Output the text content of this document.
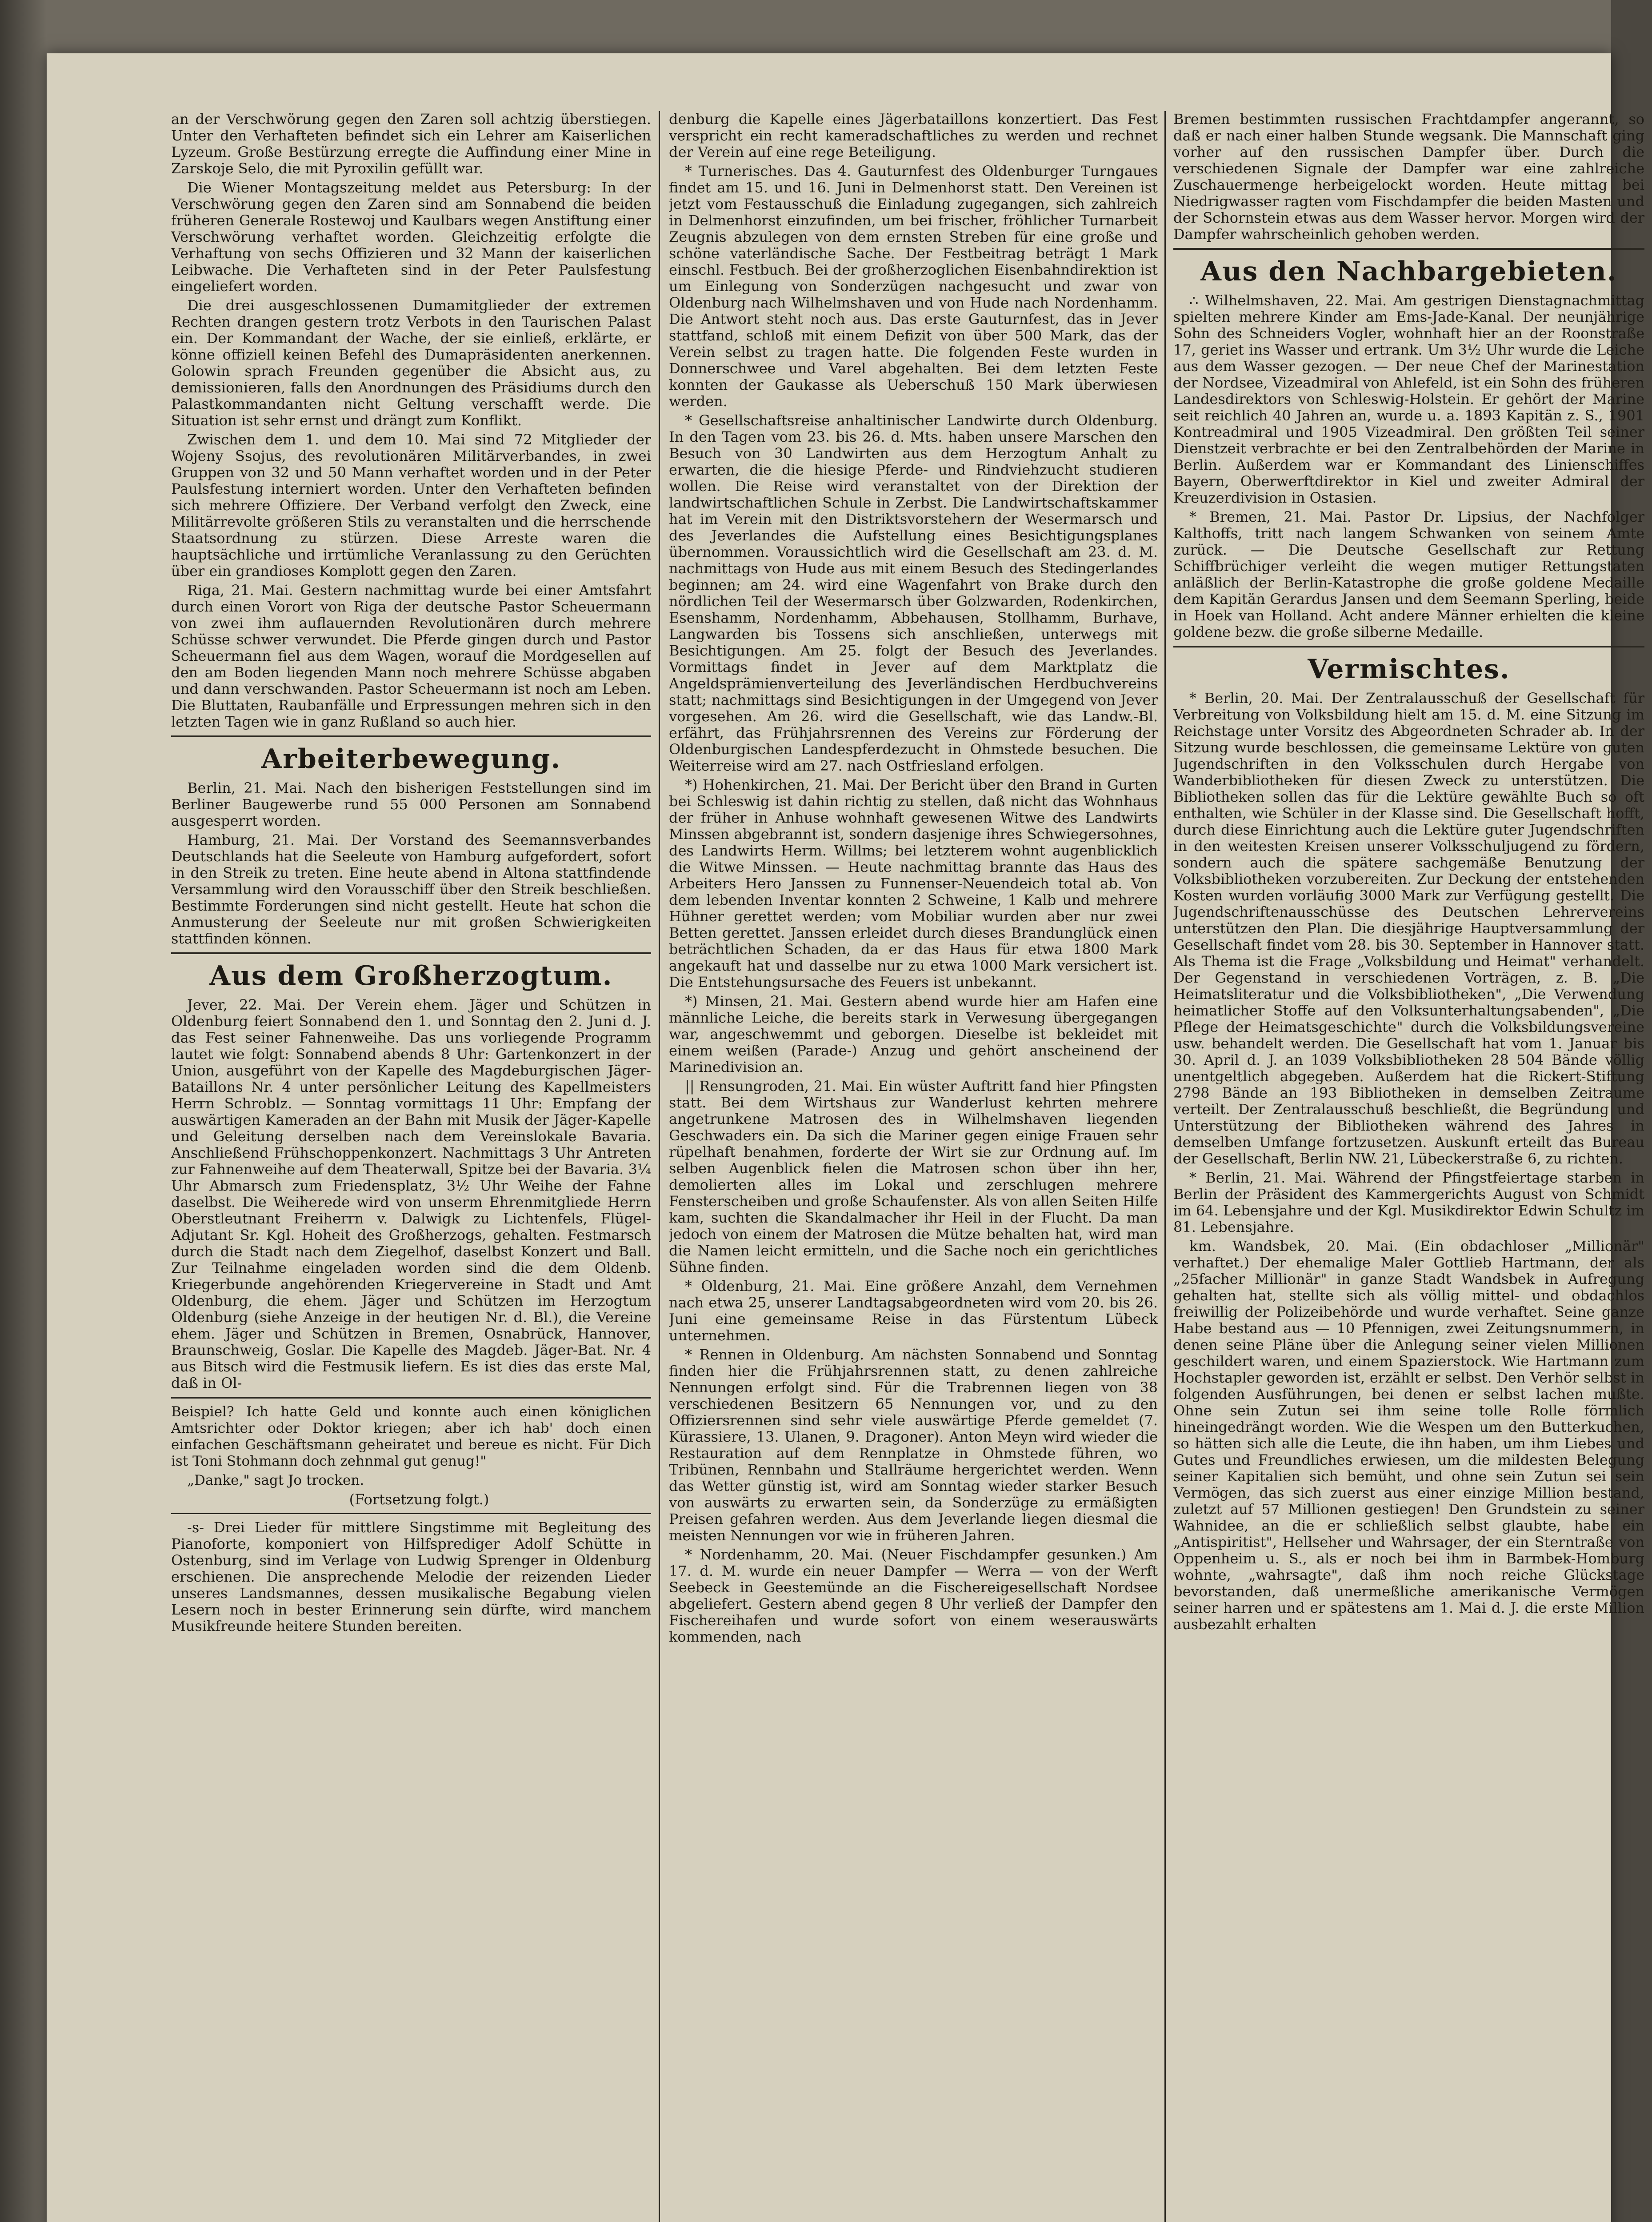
an der Verschwörung gegen den Zaren soll achtzig überstiegen. Unter den Verhafteten befindet sich ein Lehrer am Kaiserlichen Lyzeum. Große Bestürzung erregte die Auffindung einer Mine in Zarskoje Selo, die mit Pyroxilin gefüllt war.

Die Wiener Montagszeitung meldet aus Petersburg: In der Verschwörung gegen den Zaren sind am Sonnabend die beiden früheren Generale Rostewoj und Kaulbars wegen Anstiftung einer Verschwörung verhaftet worden. Gleichzeitig erfolgte die Verhaftung von sechs Offizieren und 32 Mann der kaiserlichen Leibwache. Die Verhafteten sind in der Peter Paulsfestung eingeliefert worden.

Die drei ausgeschlossenen Dumamitglieder der extremen Rechten drangen gestern trotz Verbots in den Taurischen Palast ein. Der Kommandant der Wache, der sie einließ, erklärte, er könne offiziell keinen Befehl des Dumapräsidenten anerkennen. Golowin sprach Freunden gegenüber die Absicht aus, zu demissionieren, falls den Anordnungen des Präsidiums durch den Palastkommandanten nicht Geltung verschafft werde. Die Situation ist sehr ernst und drängt zum Konflikt.

Zwischen dem 1. und dem 10. Mai sind 72 Mitglieder der Wojeny Ssojus, des revolutionären Militärverbandes, in zwei Gruppen von 32 und 50 Mann verhaftet worden und in der Peter Paulsfestung interniert worden. Unter den Verhafteten befinden sich mehrere Offiziere. Der Verband verfolgt den Zweck, eine Militärrevolte größeren Stils zu veranstalten und die herrschende Staatsordnung zu stürzen. Diese Arreste waren die hauptsächliche und irrtümliche Veranlassung zu den Gerüchten über ein grandioses Komplott gegen den Zaren.

Riga, 21. Mai. Gestern nachmittag wurde bei einer Amtsfahrt durch einen Vorort von Riga der deutsche Pastor Scheuermann von zwei ihm auflauernden Revolutionären durch mehrere Schüsse schwer verwundet. Die Pferde gingen durch und Pastor Scheuermann fiel aus dem Wagen, worauf die Mordgesellen auf den am Boden liegenden Mann noch mehrere Schüsse abgaben und dann verschwanden. Pastor Scheuermann ist noch am Leben. Die Bluttaten, Raubanfälle und Erpressungen mehren sich in den letzten Tagen wie in ganz Rußland so auch hier.

Arbeiterbewegung.

Berlin, 21. Mai. Nach den bisherigen Feststellungen sind im Berliner Baugewerbe rund 55 000 Personen am Sonnabend ausgesperrt worden.

Hamburg, 21. Mai. Der Vorstand des Seemannsverbandes Deutschlands hat die Seeleute von Hamburg aufgefordert, sofort in den Streik zu treten. Eine heute abend in Altona stattfindende Versammlung wird den Vorausschiff über den Streik beschließen. Bestimmte Forderungen sind nicht gestellt. Heute hat schon die Anmusterung der Seeleute nur mit großen Schwierigkeiten stattfinden können.

Aus dem Großherzogtum.

Jever, 22. Mai. Der Verein ehem. Jäger und Schützen in Oldenburg feiert Sonnabend den 1. und Sonntag den 2. Juni d. J. das Fest seiner Fahnenweihe. Das uns vorliegende Programm lautet wie folgt: Sonnabend abends 8 Uhr: Gartenkonzert in der Union, ausgeführt von der Kapelle des Magdeburgischen Jäger-Bataillons Nr. 4 unter persönlicher Leitung des Kapellmeisters Herrn Schroblz. — Sonntag vormittags 11 Uhr: Empfang der auswärtigen Kameraden an der Bahn mit Musik der Jäger-Kapelle und Geleitung derselben nach dem Vereinslokale Bavaria. Anschließend Frühschoppenkonzert. Nachmittags 3 Uhr Antreten zur Fahnenweihe auf dem Theaterwall, Spitze bei der Bavaria. 3¼ Uhr Abmarsch zum Friedensplatz, 3½ Uhr Weihe der Fahne daselbst. Die Weiherede wird von unserm Ehrenmitgliede Herrn Oberstleutnant Freiherrn v. Dalwigk zu Lichtenfels, Flügel-Adjutant Sr. Kgl. Hoheit des Großherzogs, gehalten. Festmarsch durch die Stadt nach dem Ziegelhof, daselbst Konzert und Ball. Zur Teilnahme eingeladen worden sind die dem Oldenb. Kriegerbunde angehörenden Kriegervereine in Stadt und Amt Oldenburg, die ehem. Jäger und Schützen im Herzogtum Oldenburg (siehe Anzeige in der heutigen Nr. d. Bl.), die Vereine ehem. Jäger und Schützen in Bremen, Osnabrück, Hannover, Braunschweig, Goslar. Die Kapelle des Magdeb. Jäger-Bat. Nr. 4 aus Bitsch wird die Festmusik liefern. Es ist dies das erste Mal, daß in Ol-

Beispiel? Ich hatte Geld und konnte auch einen königlichen Amtsrichter oder Doktor kriegen; aber ich hab' doch einen einfachen Geschäftsmann geheiratet und bereue es nicht. Für Dich ist Toni Stohmann doch zehnmal gut genug!"

„Danke," sagt Jo trocken.

(Fortsetzung folgt.)

-s- Drei Lieder für mittlere Singstimme mit Begleitung des Pianoforte, komponiert von Hilfsprediger Adolf Schütte in Ostenburg, sind im Verlage von Ludwig Sprenger in Oldenburg erschienen. Die ansprechende Melodie der reizenden Lieder unseres Landsmannes, dessen musikalische Begabung vielen Lesern noch in bester Erinnerung sein dürfte, wird manchem Musikfreunde heitere Stunden bereiten.

denburg die Kapelle eines Jägerbataillons konzertiert. Das Fest verspricht ein recht kameradschaftliches zu werden und rechnet der Verein auf eine rege Beteiligung.

* Turnerisches. Das 4. Gauturnfest des Oldenburger Turngaues findet am 15. und 16. Juni in Delmenhorst statt. Den Vereinen ist jetzt vom Festausschuß die Einladung zugegangen, sich zahlreich in Delmenhorst einzufinden, um bei frischer, fröhlicher Turnarbeit Zeugnis abzulegen von dem ernsten Streben für eine große und schöne vaterländische Sache. Der Festbeitrag beträgt 1 Mark einschl. Festbuch. Bei der großherzoglichen Eisenbahndirektion ist um Einlegung von Sonderzügen nachgesucht und zwar von Oldenburg nach Wilhelmshaven und von Hude nach Nordenhamm. Die Antwort steht noch aus. Das erste Gauturnfest, das in Jever stattfand, schloß mit einem Defizit von über 500 Mark, das der Verein selbst zu tragen hatte. Die folgenden Feste wurden in Donnerschwee und Varel abgehalten. Bei dem letzten Feste konnten der Gaukasse als Ueberschuß 150 Mark überwiesen werden.

* Gesellschaftsreise anhaltinischer Landwirte durch Oldenburg. In den Tagen vom 23. bis 26. d. Mts. haben unsere Marschen den Besuch von 30 Landwirten aus dem Herzogtum Anhalt zu erwarten, die die hiesige Pferde- und Rindviehzucht studieren wollen. Die Reise wird veranstaltet von der Direktion der landwirtschaftlichen Schule in Zerbst. Die Landwirtschaftskammer hat im Verein mit den Distriktsvorstehern der Wesermarsch und des Jeverlandes die Aufstellung eines Besichtigungsplanes übernommen. Voraussichtlich wird die Gesellschaft am 23. d. M. nachmittags von Hude aus mit einem Besuch des Stedingerlandes beginnen; am 24. wird eine Wagenfahrt von Brake durch den nördlichen Teil der Wesermarsch über Golzwarden, Rodenkirchen, Esenshamm, Nordenhamm, Abbehausen, Stollhamm, Burhave, Langwarden bis Tossens sich anschließen, unterwegs mit Besichtigungen. Am 25. folgt der Besuch des Jeverlandes. Vormittags findet in Jever auf dem Marktplatz die Angeldsprämienverteilung des Jeverländischen Herdbuchvereins statt; nachmittags sind Besichtigungen in der Umgegend von Jever vorgesehen. Am 26. wird die Gesellschaft, wie das Landw.-Bl. erfährt, das Frühjahrsrennen des Vereins zur Förderung der Oldenburgischen Landespferdezucht in Ohmstede besuchen. Die Weiterreise wird am 27. nach Ostfriesland erfolgen.

*) Hohenkirchen, 21. Mai. Der Bericht über den Brand in Gurten bei Schleswig ist dahin richtig zu stellen, daß nicht das Wohnhaus der früher in Anhuse wohnhaft gewesenen Witwe des Landwirts Minssen abgebrannt ist, sondern dasjenige ihres Schwiegersohnes, des Landwirts Herm. Willms; bei letzterem wohnt augenblicklich die Witwe Minssen. — Heute nachmittag brannte das Haus des Arbeiters Hero Janssen zu Funnenser-Neuendeich total ab. Von dem lebenden Inventar konnten 2 Schweine, 1 Kalb und mehrere Hühner gerettet werden; vom Mobiliar wurden aber nur zwei Betten gerettet. Janssen erleidet durch dieses Brandunglück einen beträchtlichen Schaden, da er das Haus für etwa 1800 Mark angekauft hat und dasselbe nur zu etwa 1000 Mark versichert ist. Die Entstehungsursache des Feuers ist unbekannt.

*) Minsen, 21. Mai. Gestern abend wurde hier am Hafen eine männliche Leiche, die bereits stark in Verwesung übergegangen war, angeschwemmt und geborgen. Dieselbe ist bekleidet mit einem weißen (Parade-) Anzug und gehört anscheinend der Marinedivision an.

|| Rensungroden, 21. Mai. Ein wüster Auftritt fand hier Pfingsten statt. Bei dem Wirtshaus zur Wanderlust kehrten mehrere angetrunkene Matrosen des in Wilhelmshaven liegenden Geschwaders ein. Da sich die Mariner gegen einige Frauen sehr rüpelhaft benahmen, forderte der Wirt sie zur Ordnung auf. Im selben Augenblick fielen die Matrosen schon über ihn her, demolierten alles im Lokal und zerschlugen mehrere Fensterscheiben und große Schaufenster. Als von allen Seiten Hilfe kam, suchten die Skandalmacher ihr Heil in der Flucht. Da man jedoch von einem der Matrosen die Mütze behalten hat, wird man die Namen leicht ermitteln, und die Sache noch ein gerichtliches Sühne finden.

* Oldenburg, 21. Mai. Eine größere Anzahl, dem Vernehmen nach etwa 25, unserer Landtagsabgeordneten wird vom 20. bis 26. Juni eine gemeinsame Reise in das Fürstentum Lübeck unternehmen.

* Rennen in Oldenburg. Am nächsten Sonnabend und Sonntag finden hier die Frühjahrsrennen statt, zu denen zahlreiche Nennungen erfolgt sind. Für die Trabrennen liegen von 38 verschiedenen Besitzern 65 Nennungen vor, und zu den Offiziersrennen sind sehr viele auswärtige Pferde gemeldet (7. Kürassiere, 13. Ulanen, 9. Dragoner). Anton Meyn wird wieder die Restauration auf dem Rennplatze in Ohmstede führen, wo Tribünen, Rennbahn und Stallräume hergerichtet werden. Wenn das Wetter günstig ist, wird am Sonntag wieder starker Besuch von auswärts zu erwarten sein, da Sonderzüge zu ermäßigten Preisen gefahren werden. Aus dem Jeverlande liegen diesmal die meisten Nennungen vor wie in früheren Jahren.

* Nordenhamm, 20. Mai. (Neuer Fischdampfer gesunken.) Am 17. d. M. wurde ein neuer Dampfer — Werra — von der Werft Seebeck in Geestemünde an die Fischereigesellschaft Nordsee abgeliefert. Gestern abend gegen 8 Uhr verließ der Dampfer den Fischereihafen und wurde sofort von einem weserauswärts kommenden, nach

Bremen bestimmten russischen Frachtdampfer angerannt, so daß er nach einer halben Stunde wegsank. Die Mannschaft ging vorher auf den russischen Dampfer über. Durch die verschiedenen Signale der Dampfer war eine zahlreiche Zuschauermenge herbeigelockt worden. Heute mittag bei Niedrigwasser ragten vom Fischdampfer die beiden Masten und der Schornstein etwas aus dem Wasser hervor. Morgen wird der Dampfer wahrscheinlich gehoben werden.

Aus den Nachbargebieten.

∴ Wilhelmshaven, 22. Mai. Am gestrigen Dienstagnachmittag spielten mehrere Kinder am Ems-Jade-Kanal. Der neunjährige Sohn des Schneiders Vogler, wohnhaft hier an der Roonstraße 17, geriet ins Wasser und ertrank. Um 3½ Uhr wurde die Leiche aus dem Wasser gezogen. — Der neue Chef der Marinestation der Nordsee, Vizeadmiral von Ahlefeld, ist ein Sohn des früheren Landesdirektors von Schleswig-Holstein. Er gehört der Marine seit reichlich 40 Jahren an, wurde u. a. 1893 Kapitän z. S., 1901 Kontreadmiral und 1905 Vizeadmiral. Den größten Teil seiner Dienstzeit verbrachte er bei den Zentralbehörden der Marine in Berlin. Außerdem war er Kommandant des Linienschiffes Bayern, Oberwerftdirektor in Kiel und zweiter Admiral der Kreuzerdivision in Ostasien.

* Bremen, 21. Mai. Pastor Dr. Lipsius, der Nachfolger Kalthoffs, tritt nach langem Schwanken von seinem Amte zurück. — Die Deutsche Gesellschaft zur Rettung Schiffbrüchiger verleiht die wegen mutiger Rettungstaten anläßlich der Berlin-Katastrophe die große goldene Medaille dem Kapitän Gerardus Jansen und dem Seemann Sperling, beide in Hoek van Holland. Acht andere Männer erhielten die kleine goldene bezw. die große silberne Medaille.

Vermischtes.

* Berlin, 20. Mai. Der Zentralausschuß der Gesellschaft für Verbreitung von Volksbildung hielt am 15. d. M. eine Sitzung im Reichstage unter Vorsitz des Abgeordneten Schrader ab. In der Sitzung wurde beschlossen, die gemeinsame Lektüre von guten Jugendschriften in den Volksschulen durch Hergabe von Wanderbibliotheken für diesen Zweck zu unterstützen. Die Bibliotheken sollen das für die Lektüre gewählte Buch so oft enthalten, wie Schüler in der Klasse sind. Die Gesellschaft hofft, durch diese Einrichtung auch die Lektüre guter Jugendschriften in den weitesten Kreisen unserer Volksschuljugend zu fördern, sondern auch die spätere sachgemäße Benutzung der Volksbibliotheken vorzubereiten. Zur Deckung der entstehenden Kosten wurden vorläufig 3000 Mark zur Verfügung gestellt. Die Jugendschriftenausschüsse des Deutschen Lehrervereins unterstützen den Plan. Die diesjährige Hauptversammlung der Gesellschaft findet vom 28. bis 30. September in Hannover statt. Als Thema ist die Frage „Volksbildung und Heimat" verhandelt. Der Gegenstand in verschiedenen Vorträgen, z. B. „Die Heimatsliteratur und die Volksbibliotheken", „Die Verwendung heimatlicher Stoffe auf den Volksunterhaltungsabenden", „Die Pflege der Heimatsgeschichte" durch die Volksbildungsvereine usw. behandelt werden. Die Gesellschaft hat vom 1. Januar bis 30. April d. J. an 1039 Volksbibliotheken 28 504 Bände völlig unentgeltlich abgegeben. Außerdem hat die Rickert-Stiftung 2798 Bände an 193 Bibliotheken in demselben Zeitraume verteilt. Der Zentralausschuß beschließt, die Begründung und Unterstützung der Bibliotheken während des Jahres in demselben Umfange fortzusetzen. Auskunft erteilt das Bureau der Gesellschaft, Berlin NW. 21, Lübeckerstraße 6, zu richten.

* Berlin, 21. Mai. Während der Pfingstfeiertage starben in Berlin der Präsident des Kammergerichts August von Schmidt im 64. Lebensjahre und der Kgl. Musikdirektor Edwin Schultz im 81. Lebensjahre.

km. Wandsbek, 20. Mai. (Ein obdachloser „Millionär" verhaftet.) Der ehemalige Maler Gottlieb Hartmann, der als „25facher Millionär" in ganze Stadt Wandsbek in Aufregung gehalten hat, stellte sich als völlig mittel- und obdachlos freiwillig der Polizeibehörde und wurde verhaftet. Seine ganze Habe bestand aus — 10 Pfennigen, zwei Zeitungsnummern, in denen seine Pläne über die Anlegung seiner vielen Millionen geschildert waren, und einem Spazierstock. Wie Hartmann zum Hochstapler geworden ist, erzählt er selbst. Den Verhör selbst in folgenden Ausführungen, bei denen er selbst lachen mußte. Ohne sein Zutun sei ihm seine tolle Rolle förmlich hineingedrängt worden. Wie die Wespen um den Butterkuchen, so hätten sich alle die Leute, die ihn haben, um ihm Liebes und Gutes und Freundliches erwiesen, um die mildesten Belegung seiner Kapitalien sich bemüht, und ohne sein Zutun sei sein Vermögen, das sich zuerst aus einer einzige Million bestand, zuletzt auf 57 Millionen gestiegen! Den Grundstein zu seiner Wahnidee, an die er schließlich selbst glaubte, habe ein „Antispiritist", Hellseher und Wahrsager, der ein Sterntraße von Oppenheim u. S., als er noch bei ihm in Barmbek-Homburg wohnte, „wahrsagte", daß ihm noch reiche Glückstage bevorstanden, daß unermeßliche amerikanische Vermögen seiner harren und er spätestens am 1. Mai d. J. die erste Million ausbezahlt erhalten
